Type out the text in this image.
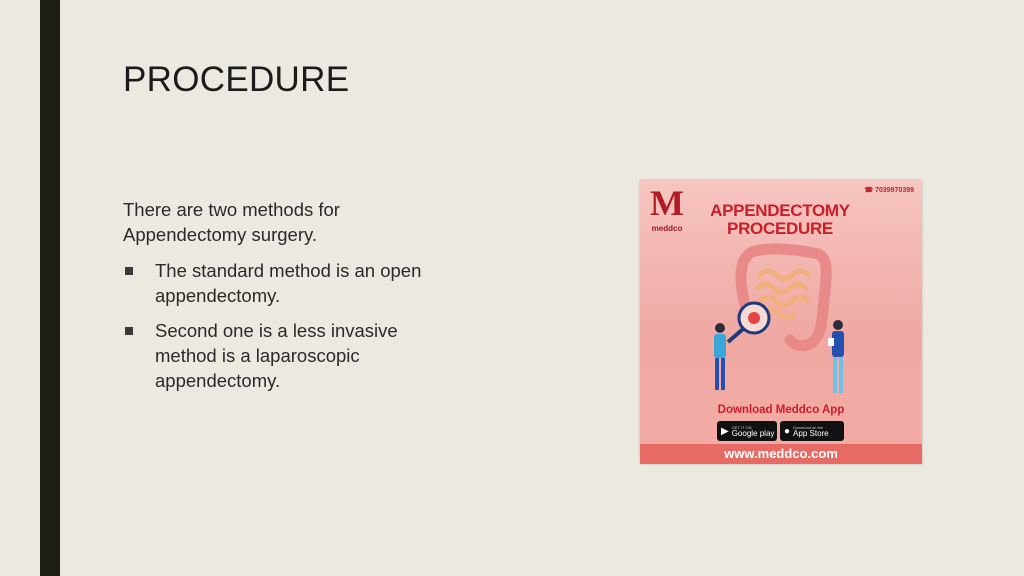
PROCEDURE
There are two methods for Appendectomy surgery.
The standard method is an open appendectomy.
Second one is a less invasive method is a laparoscopic appendectomy.
M
meddco
☎ 7039970399
APPENDECTOMY PROCEDURE
Download Meddco App
▶ GET IT ON
Google play ● Download on the
App Store
www.meddco.com
